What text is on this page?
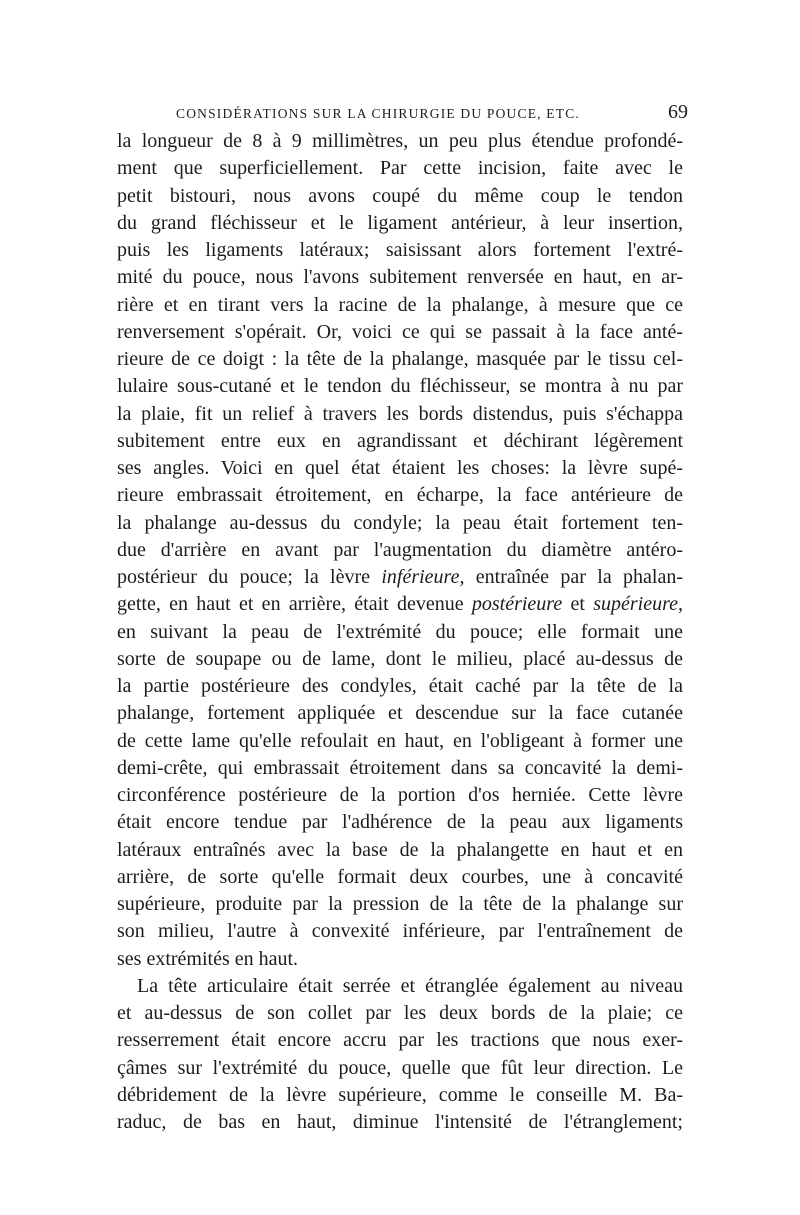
CONSIDÉRATIONS SUR LA CHIRURGIE DU POUCE, ETC.	69
la longueur de 8 à 9 millimètres, un peu plus étendue profondé-
ment que superficiellement. Par cette incision, faite avec le
petit bistouri, nous avons coupé du même coup le tendon
du grand fléchisseur et le ligament antérieur, à leur insertion,
puis les ligaments latéraux; saisissant alors fortement l'extré-
mité du pouce, nous l'avons subitement renversée en haut, en ar-
rière et en tirant vers la racine de la phalange, à mesure que ce
renversement s'opérait. Or, voici ce qui se passait à la face anté-
rieure de ce doigt : la tête de la phalange, masquée par le tissu cel-
lulaire sous-cutané et le tendon du fléchisseur, se montra à nu par
la plaie, fit un relief à travers les bords distendus, puis s'échappa
subitement entre eux en agrandissant et déchirant légèrement
ses angles. Voici en quel état étaient les choses: la lèvre supé-
rieure embrassait étroitement, en écharpe, la face antérieure de
la phalange au-dessus du condyle; la peau était fortement ten-
due d'arrière en avant par l'augmentation du diamètre antéro-
postérieur du pouce; la lèvre inférieure, entraînée par la phalan-
gette, en haut et en arrière, était devenue postérieure et supérieure,
en suivant la peau de l'extrémité du pouce; elle formait une
sorte de soupape ou de lame, dont le milieu, placé au-dessus de
la partie postérieure des condyles, était caché par la tête de la
phalange, fortement appliquée et descendue sur la face cutanée
de cette lame qu'elle refoulait en haut, en l'obligeant à former une
demi-crête, qui embrassait étroitement dans sa concavité la demi-
circonférence postérieure de la portion d'os herniée. Cette lèvre
était encore tendue par l'adhérence de la peau aux ligaments
latéraux entraînés avec la base de la phalangette en haut et en
arrière, de sorte qu'elle formait deux courbes, une à concavité
supérieure, produite par la pression de la tête de la phalange sur
son milieu, l'autre à convexité inférieure, par l'entraînement de
ses extrémités en haut.
La tête articulaire était serrée et étranglée également au niveau
et au-dessus de son collet par les deux bords de la plaie; ce
resserrement était encore accru par les tractions que nous exer-
çâmes sur l'extrémité du pouce, quelle que fût leur direction. Le
débridement de la lèvre supérieure, comme le conseille M. Ba-
raduc, de bas en haut, diminue l'intensité de l'étranglement;
